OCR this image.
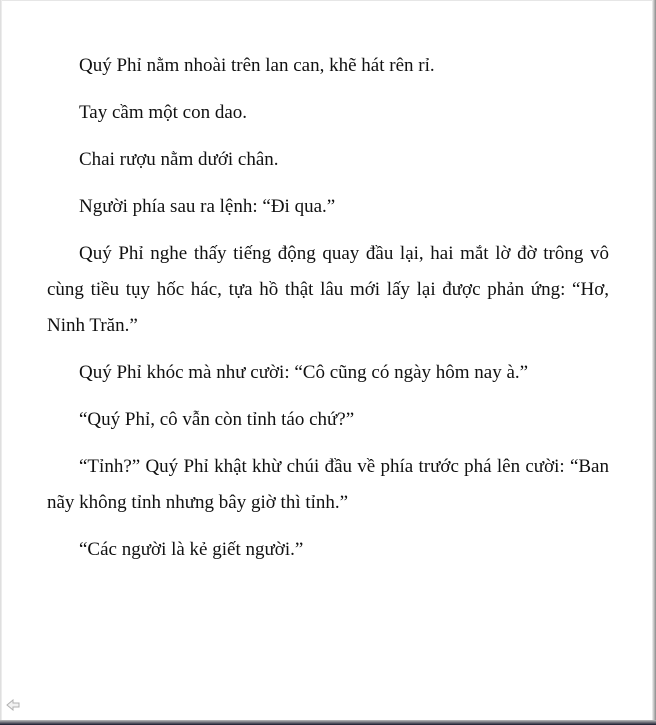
Quý Phỉ nằm nhoài trên lan can, khẽ hát rên rỉ.

Tay cầm một con dao.

Chai rượu nằm dưới chân.

Người phía sau ra lệnh: “Đi qua.”

Quý Phỉ nghe thấy tiếng động quay đầu lại, hai mắt lờ đờ trông vô cùng tiều tụy hốc hác, tựa hồ thật lâu mới lấy lại được phản ứng: “Hơ, Ninh Trăn.”

Quý Phỉ khóc mà như cười: “Cô cũng có ngày hôm nay à.”

“Quý Phỉ, cô vẫn còn tỉnh táo chứ?”

“Tỉnh?” Quý Phỉ khật khừ chúi đầu về phía trước phá lên cười: “Ban nãy không tỉnh nhưng bây giờ thì tỉnh.”

“Các người là kẻ giết người.”
